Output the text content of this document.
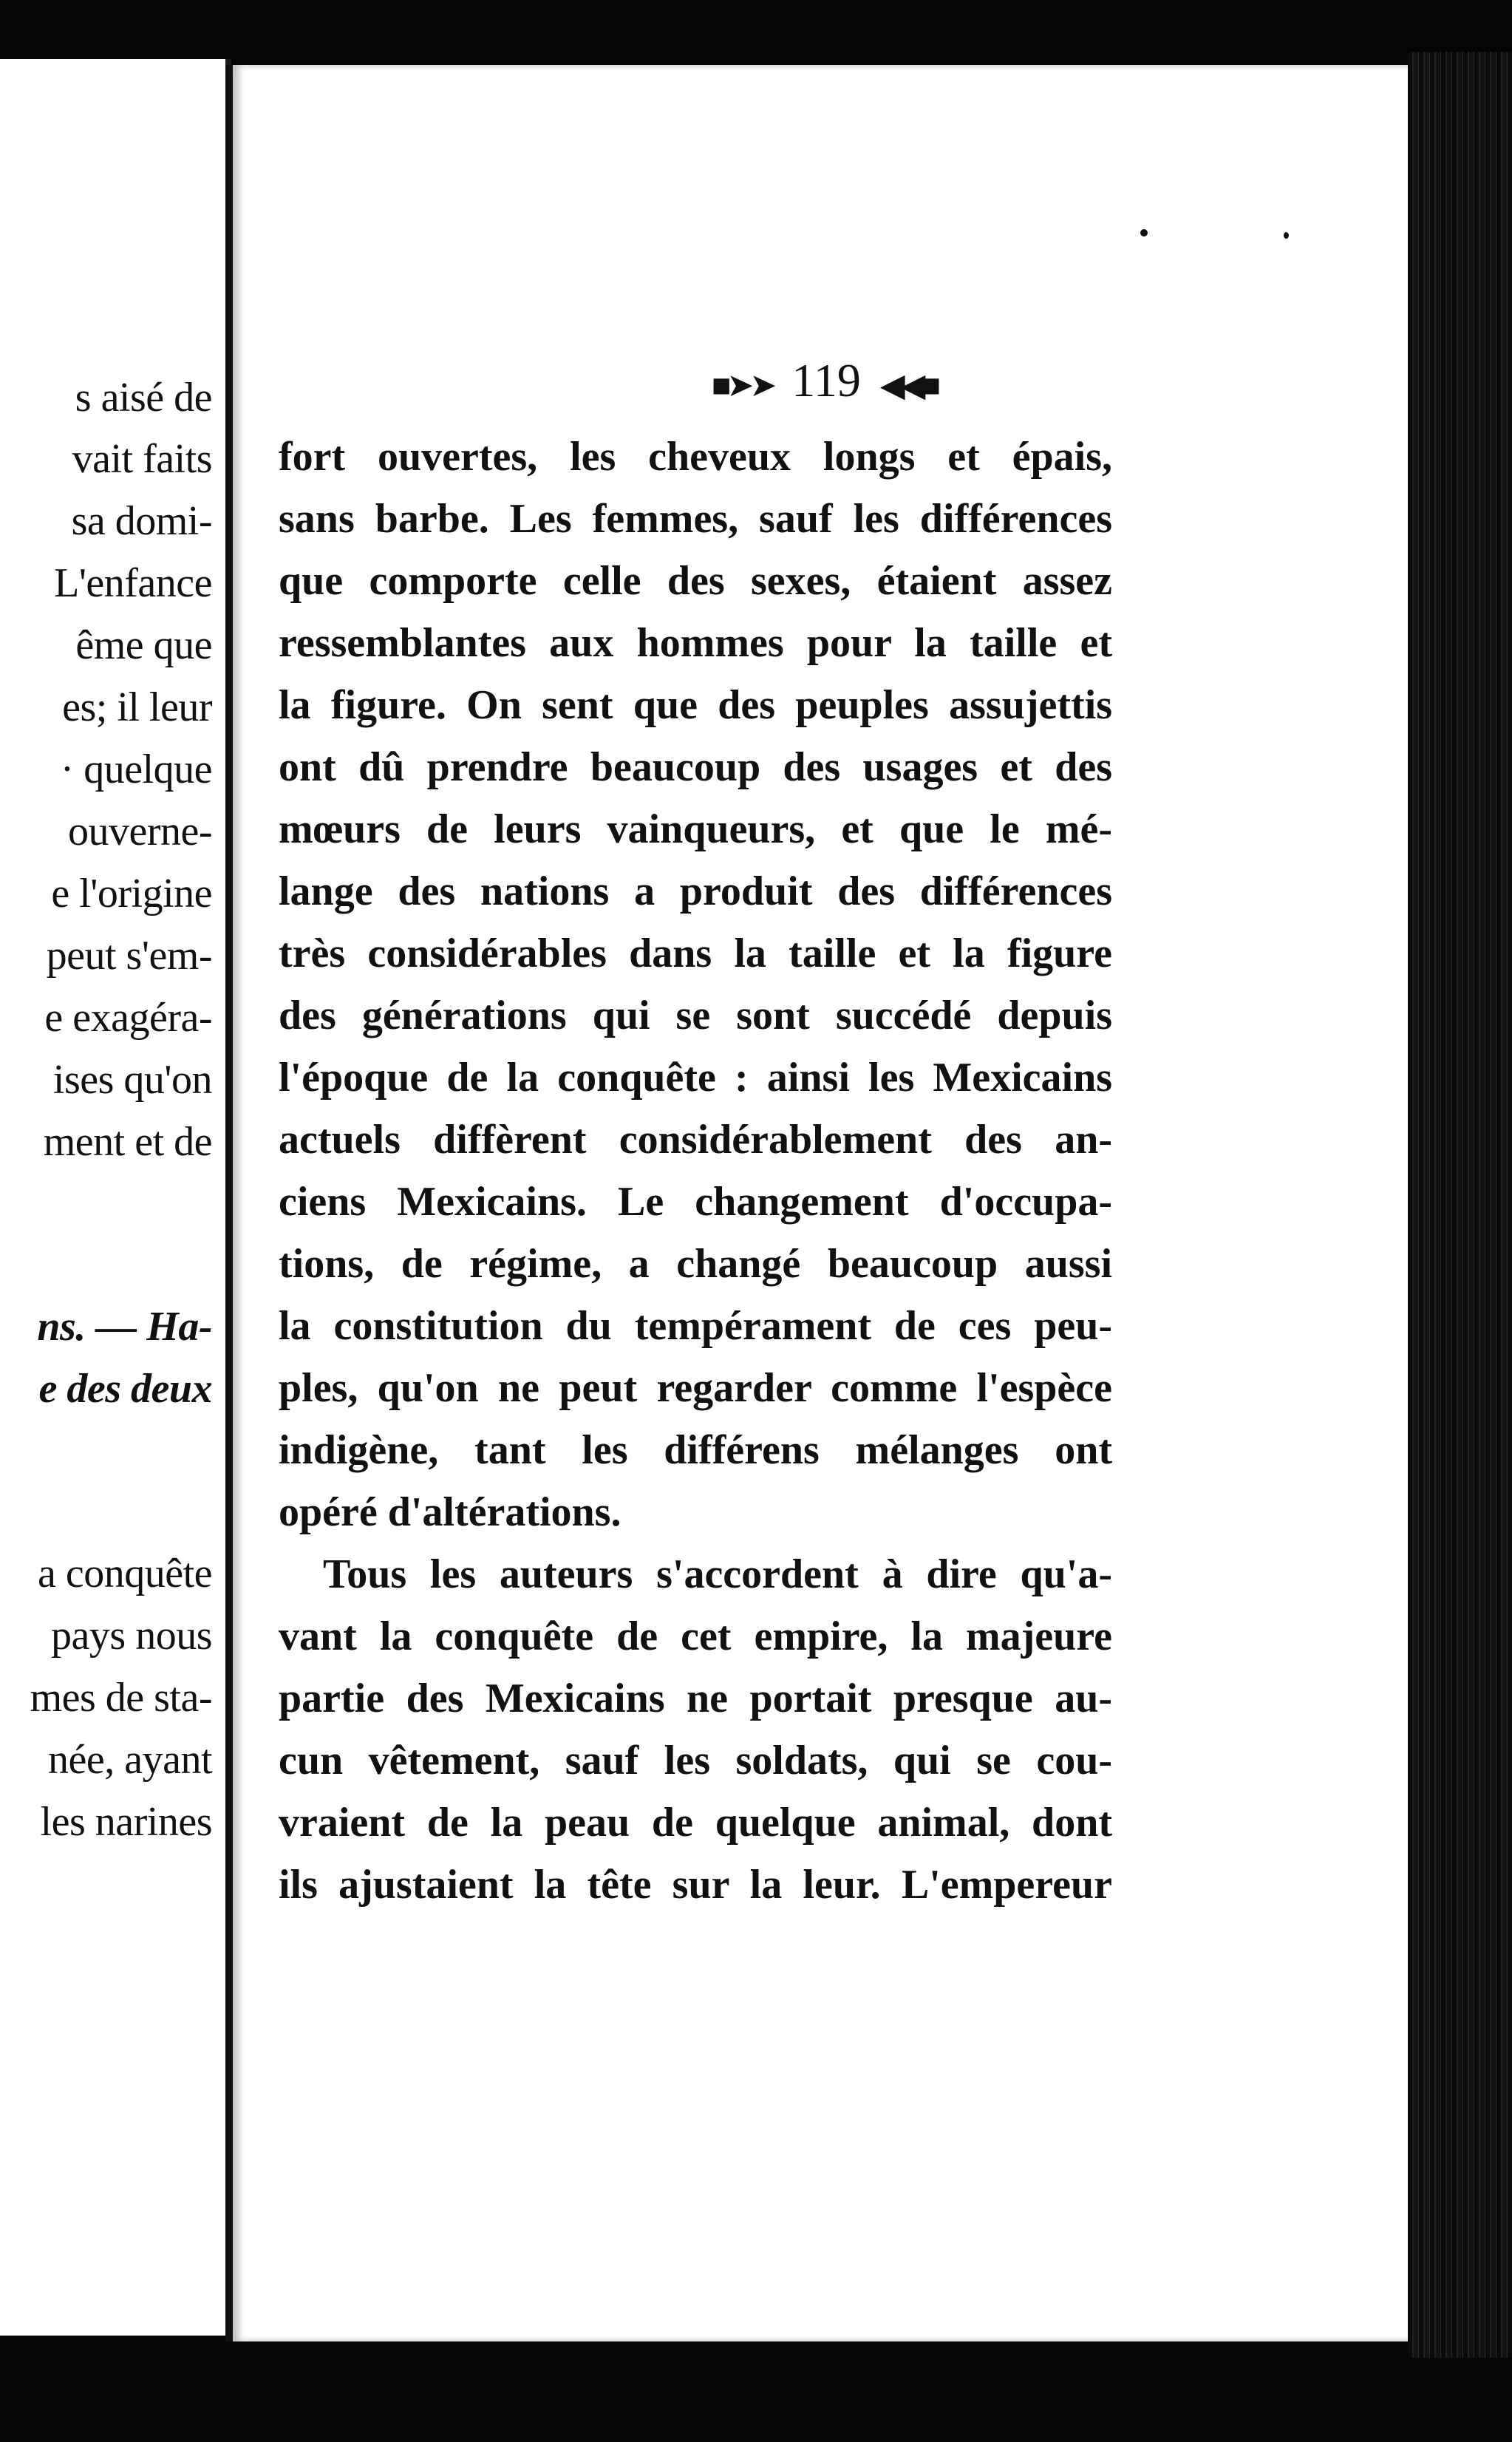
s aisé de
vait faits
sa domi-
L'enfance
ême que
es; il leur
· quelque
ouverne-
e l'origine
peut s'em-
e exagéra-
ises qu'on
ment et de
ns. — Ha-
e des deux
a conquête
pays nous
mes de sta-
née, ayant
les narines
■➤➤ 119 ◀◀■
fort ouvertes, les cheveux longs et épais,
sans barbe. Les femmes, sauf les différences
que comporte celle des sexes, étaient assez
ressemblantes aux hommes pour la taille et
la figure. On sent que des peuples assujettis
ont dû prendre beaucoup des usages et des
mœurs de leurs vainqueurs, et que le mé-
lange des nations a produit des différences
très considérables dans la taille et la figure
des générations qui se sont succédé depuis
l'époque de la conquête : ainsi les Mexicains
actuels diffèrent considérablement des an-
ciens Mexicains. Le changement d'occupa-
tions, de régime, a changé beaucoup aussi
la constitution du tempérament de ces peu-
ples, qu'on ne peut regarder comme l'espèce
indigène, tant les différens mélanges ont
opéré d'altérations.
Tous les auteurs s'accordent à dire qu'a-
vant la conquête de cet empire, la majeure
partie des Mexicains ne portait presque au-
cun vêtement, sauf les soldats, qui se cou-
vraient de la peau de quelque animal, dont
ils ajustaient la tête sur la leur. L'empereur
